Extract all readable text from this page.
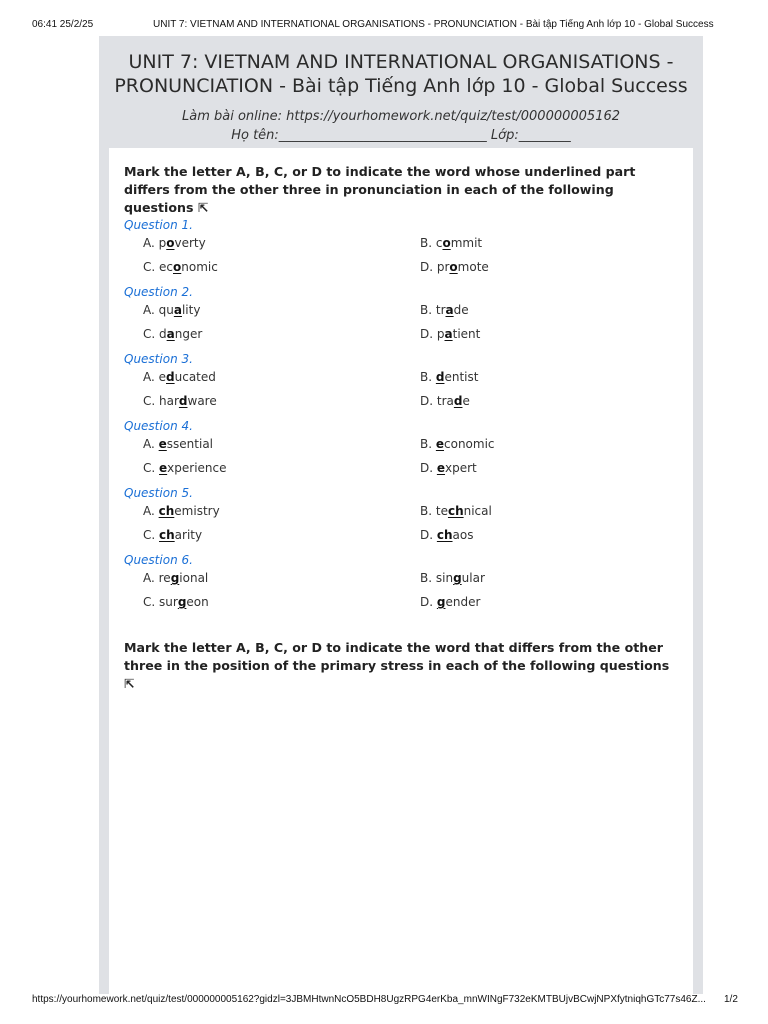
06:41 25/2/25	UNIT 7: VIETNAM AND INTERNATIONAL ORGANISATIONS - PRONUNCIATION - Bài tập Tiếng Anh lớp 10 - Global Success
UNIT 7: VIETNAM AND INTERNATIONAL ORGANISATIONS -
PRONUNCIATION - Bài tập Tiếng Anh lớp 10 - Global Success
Làm bài online: https://yourhomework.net/quiz/test/000000005162
Họ tên:________________________________ Lớp:________
Mark the letter A, B, C, or D to indicate the word whose underlined part differs from the other three in pronunciation in each of the following questions ⇱
Question 1.
A. poverty	B. commit
C. economic	D. promote
Question 2.
A. quality	B. trade
C. danger	D. patient
Question 3.
A. educated	B. dentist
C. hardware	D. trade
Question 4.
A. essential	B. economic
C. experience	D. expert
Question 5.
A. chemistry	B. technical
C. charity	D. chaos
Question 6.
A. regional	B. singular
C. surgeon	D. gender
Mark the letter A, B, C, or D to indicate the word that differs from the other three in the position of the primary stress in each of the following questions ⇱
https://yourhomework.net/quiz/test/000000005162?gidzl=3JBMHtwnNcO5BDH8UgzRPG4erKba_mnWINgF732eKMTBUjvBCwjNPXfytniqhGTc77s46Z...	1/2
